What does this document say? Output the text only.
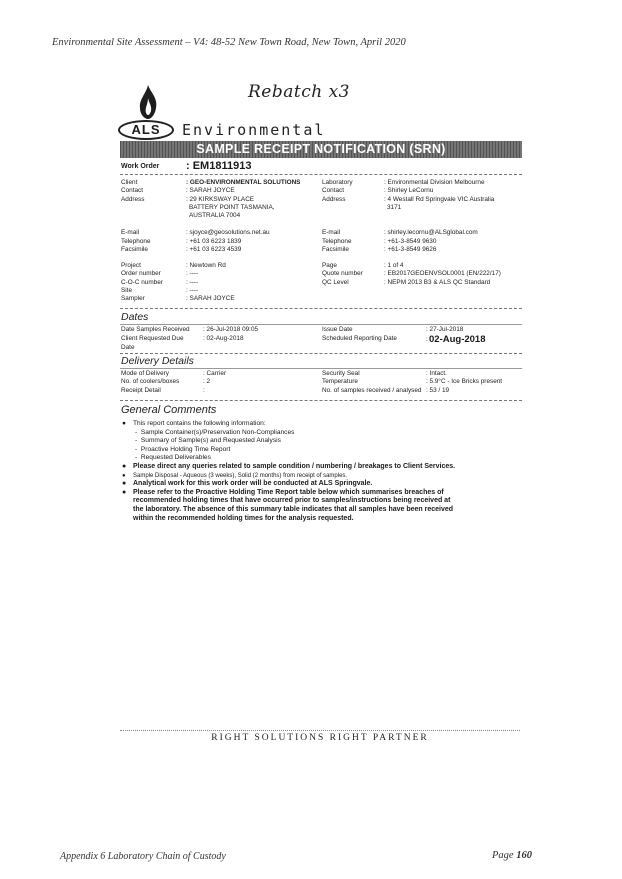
Environmental Site Assessment – V4: 48-52 New Town Road, New Town, April 2020
Rebatch x3
ALS	Environmental
SAMPLE RECEIPT NOTIFICATION (SRN)
Work Order : EM1811913
Client
Contact
Address

E-mail
Telephone
Facsimile
: GEO-ENVIRONMENTAL SOLUTIONS
: SARAH JOYCE
: 29 KIRKSWAY PLACE
BATTERY POINT TASMANIA,
AUSTRALIA 7004
: sjoyce@geosolutions.net.au
: +61 03 6223 1839
: +61 03 6223 4539
Laboratory
Contact
Address

E-mail
Telephone
Facsimile
: Environmental Division Melbourne
: Shirley LeCornu
: 4 Westall Rd Springvale VIC Australia
3171

: shirley.lecornu@ALSglobal.com
: +61-3-8549 9630
: +61-3-8549 9626
Project
Order number
C-O-C number
Site
Sampler
: Newtown Rd
: ----
: ----
: ----
: SARAH JOYCE
Page
Quote number
QC Level
: 1 of 4
: EB2017GEOENVSOL0001 (EN/222/17)
: NEPM 2013 B3 & ALS QC Standard
Dates
Date Samples Received
Client Requested Due
Date
: 26-Jul-2018 09:05
: 02-Aug-2018
Issue Date
Scheduled Reporting Date
: 27-Jul-2018
: 02-Aug-2018
Delivery Details
Mode of Delivery
No. of coolers/boxes
Receipt Detail
: Carrier
: 2
:
Security Seal
Temperature
No. of samples received / analysed
: Intact.
: 5.9°C - Ice Bricks present
: 53 / 19
General Comments
● This report contains the following information:
-  Sample Container(s)/Preservation Non-Compliances
-  Summary of Sample(s) and Requested Analysis
-  Proactive Holding Time Report
-  Requested Deliverables
● Please direct any queries related to sample condition / numbering / breakages to Client Services.
● Sample Disposal - Aqueous (3 weeks), Solid (2 months) from receipt of samples.
● Analytical work for this work order will be conducted at ALS Springvale.
● Please refer to the Proactive Holding Time Report table below which summarises breaches of
recommended holding times that have occurred prior to samples/instructions being received at
the laboratory. The absence of this summary table indicates that all samples have been received
within the recommended holding times for the analysis requested.
RIGHT SOLUTIONS RIGHT PARTNER
Appendix 6 Laboratory Chain of Custody	Page 160
